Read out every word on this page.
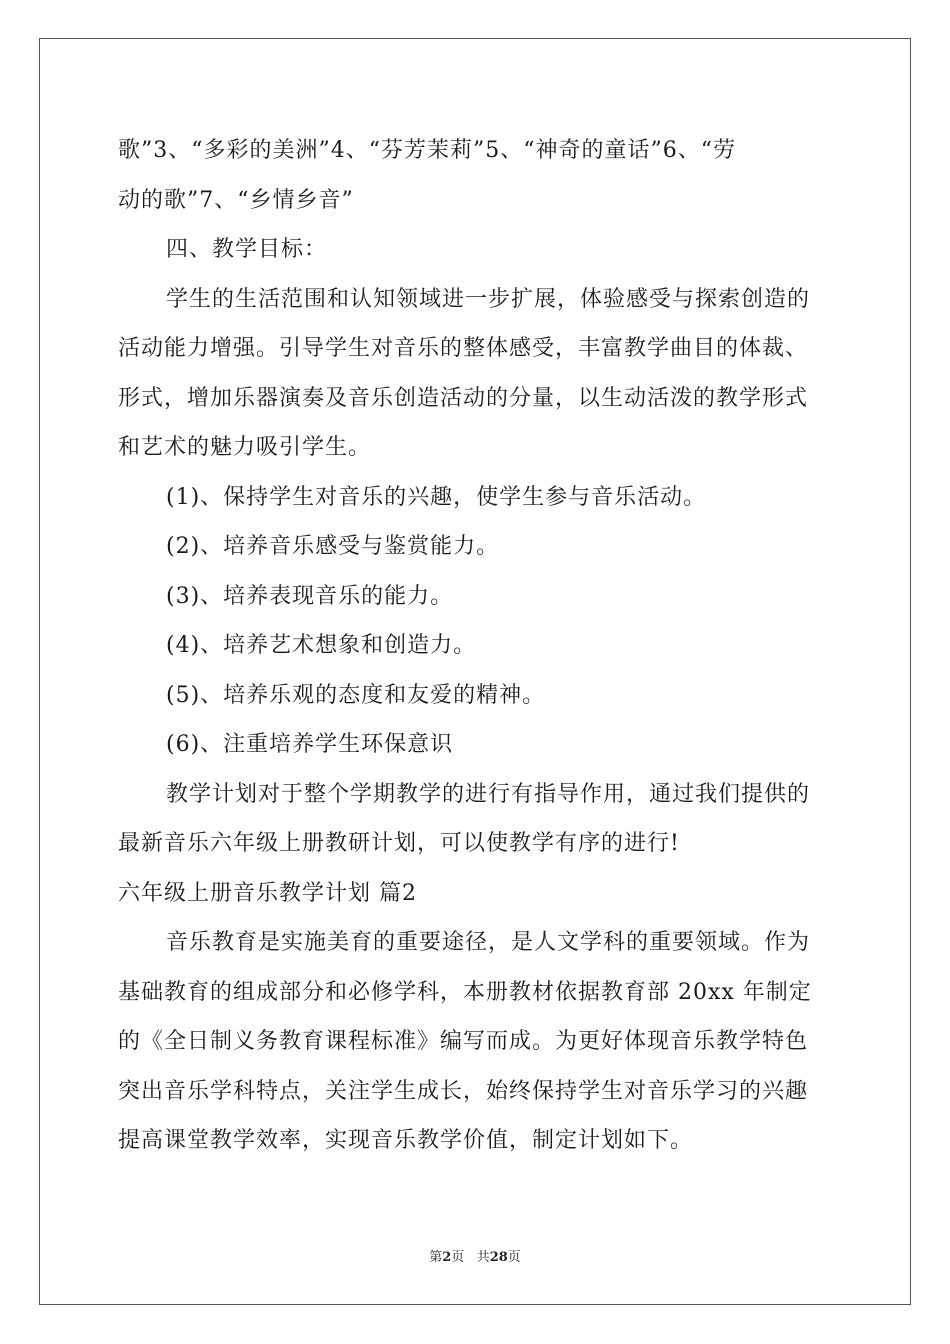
歌”3、“多彩的美洲”4、“芬芳茉莉”5、“神奇的童话”6、“劳
动的歌”7、“乡情乡音”
四、教学目标：
学生的生活范围和认知领域进一步扩展，体验感受与探索创造的
活动能力增强。引导学生对音乐的整体感受，丰富教学曲目的体裁、
形式，增加乐器演奏及音乐创造活动的分量，以生动活泼的教学形式
和艺术的魅力吸引学生。
(1)、保持学生对音乐的兴趣，使学生参与音乐活动。
(2)、培养音乐感受与鉴赏能力。
(3)、培养表现音乐的能力。
(4)、培养艺术想象和创造力。
(5)、培养乐观的态度和友爱的精神。
(6)、注重培养学生环保意识
教学计划对于整个学期教学的进行有指导作用，通过我们提供的
最新音乐六年级上册教研计划，可以使教学有序的进行!
六年级上册音乐教学计划 篇2
音乐教育是实施美育的重要途径，是人文学科的重要领域。作为
基础教育的组成部分和必修学科，本册教材依据教育部 20xx 年制定
的《全日制义务教育课程标准》编写而成。为更好体现音乐教学特色
突出音乐学科特点，关注学生成长，始终保持学生对音乐学习的兴趣
提高课堂教学效率，实现音乐教学价值，制定计划如下。
第2页 共28页
